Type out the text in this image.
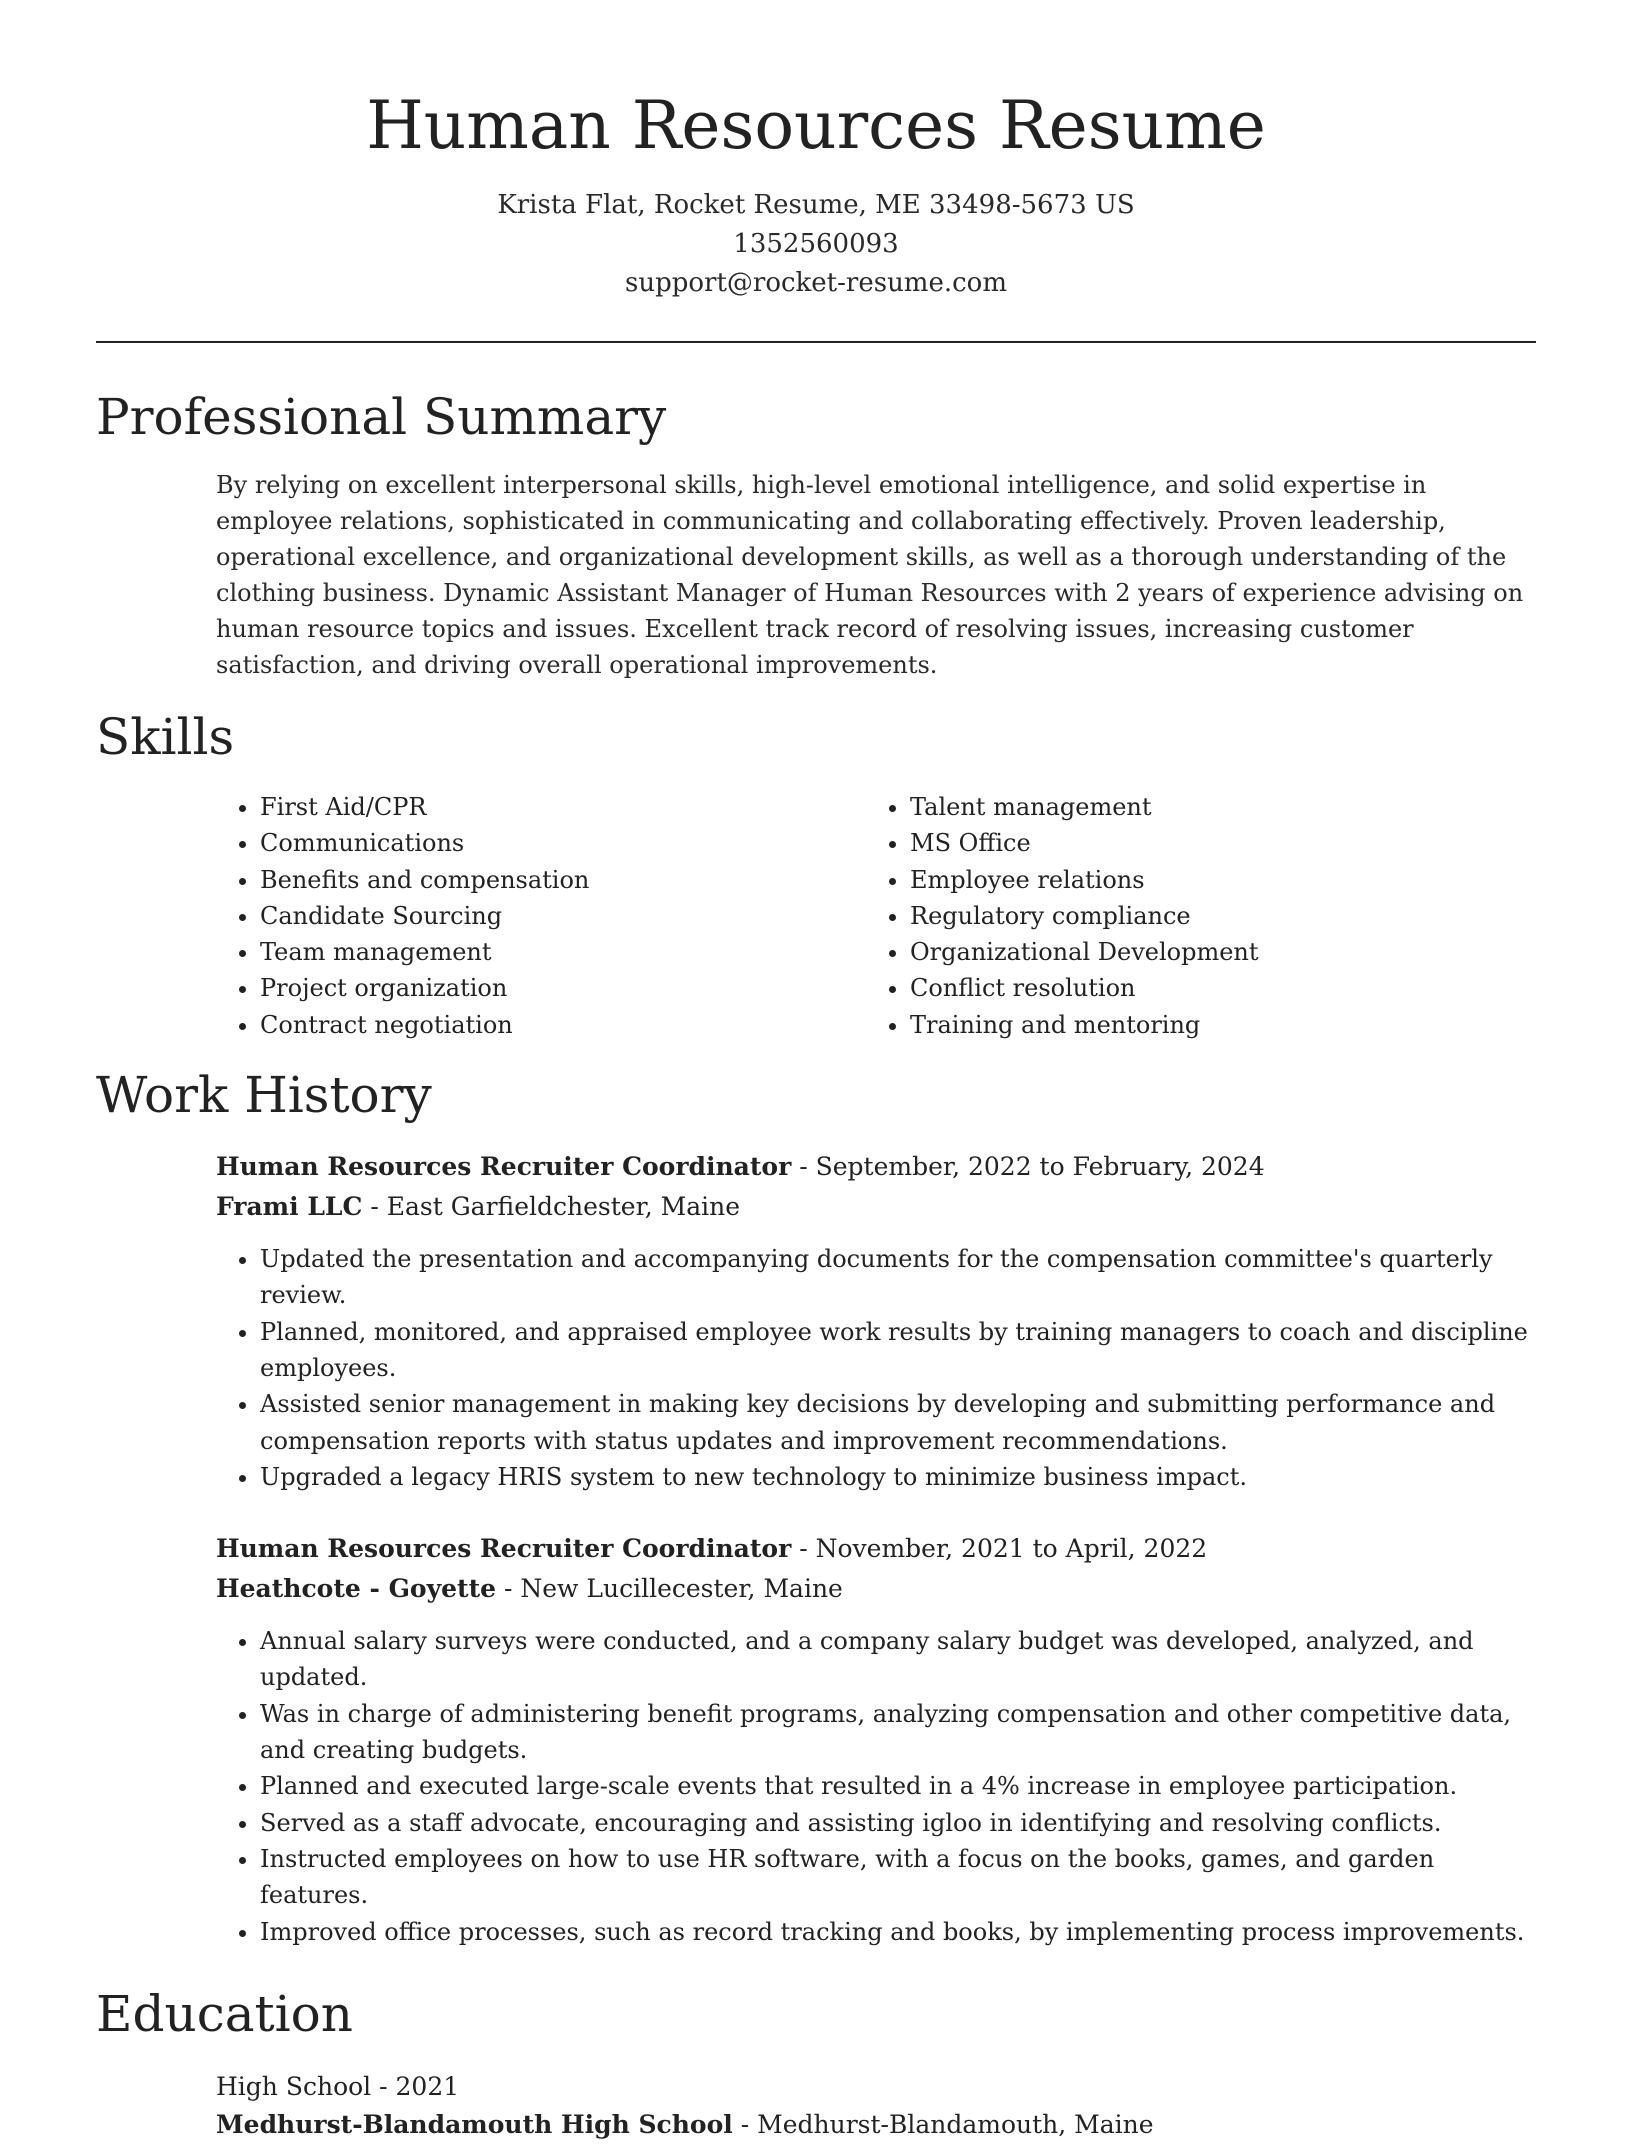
Human Resources Resume
Krista Flat, Rocket Resume, ME 33498-5673 US
1352560093
support@rocket-resume.com
Professional Summary

By relying on excellent interpersonal skills, high-level emotional intelligence, and solid expertise in employee relations, sophisticated in communicating and collaborating effectively. Proven leadership, operational excellence, and organizational development skills, as well as a thorough understanding of the clothing business. Dynamic Assistant Manager of Human Resources with 2 years of experience advising on human resource topics and issues. Excellent track record of resolving issues, increasing customer satisfaction, and driving overall operational improvements.

Skills
• First Aid/CPR
• Communications
• Benefits and compensation
• Candidate Sourcing
• Team management
• Project organization
• Contract negotiation
• Talent management
• MS Office
• Employee relations
• Regulatory compliance
• Organizational Development
• Conflict resolution
• Training and mentoring
Work History
Human Resources Recruiter Coordinator - September, 2022 to February, 2024
Frami LLC - East Garfieldchester, Maine
• Updated the presentation and accompanying documents for the compensation committee's quarterly review.
• Planned, monitored, and appraised employee work results by training managers to coach and discipline employees.
• Assisted senior management in making key decisions by developing and submitting performance and compensation reports with status updates and improvement recommendations.
• Upgraded a legacy HRIS system to new technology to minimize business impact.
Human Resources Recruiter Coordinator - November, 2021 to April, 2022
Heathcote - Goyette - New Lucillecester, Maine
• Annual salary surveys were conducted, and a company salary budget was developed, analyzed, and updated.
• Was in charge of administering benefit programs, analyzing compensation and other competitive data, and creating budgets.
• Planned and executed large-scale events that resulted in a 4% increase in employee participation.
• Served as a staff advocate, encouraging and assisting igloo in identifying and resolving conflicts.
• Instructed employees on how to use HR software, with a focus on the books, games, and garden features.
• Improved office processes, such as record tracking and books, by implementing process improvements.
Education
High School - 2021
Medhurst-Blandamouth High School - Medhurst-Blandamouth, Maine
